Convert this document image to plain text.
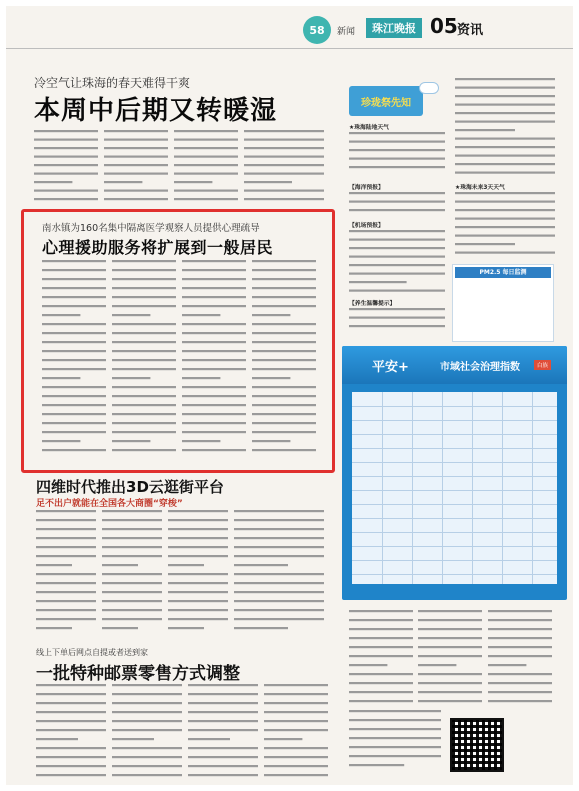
58	新闻	珠江晚报 05 资讯
冷空气让珠海的春天难得干爽
本周中后期又转暖湿
南水镇为160名集中隔离医学观察人员提供心理疏导
心理援助服务将扩展到一般居民
四维时代推出3D云逛街平台
足不出户就能在全国各大商圈“穿梭”
线上下单后网点自提或者送到家
一批特种邮票零售方式调整
珍珑祭先知
★珠海陆地天气
【海洋预报】
【机场预报】
【养生温馨提示】
★珠海未来3天天气
PM2.5 每日监测
平安+	市域社会治理指数	白族
